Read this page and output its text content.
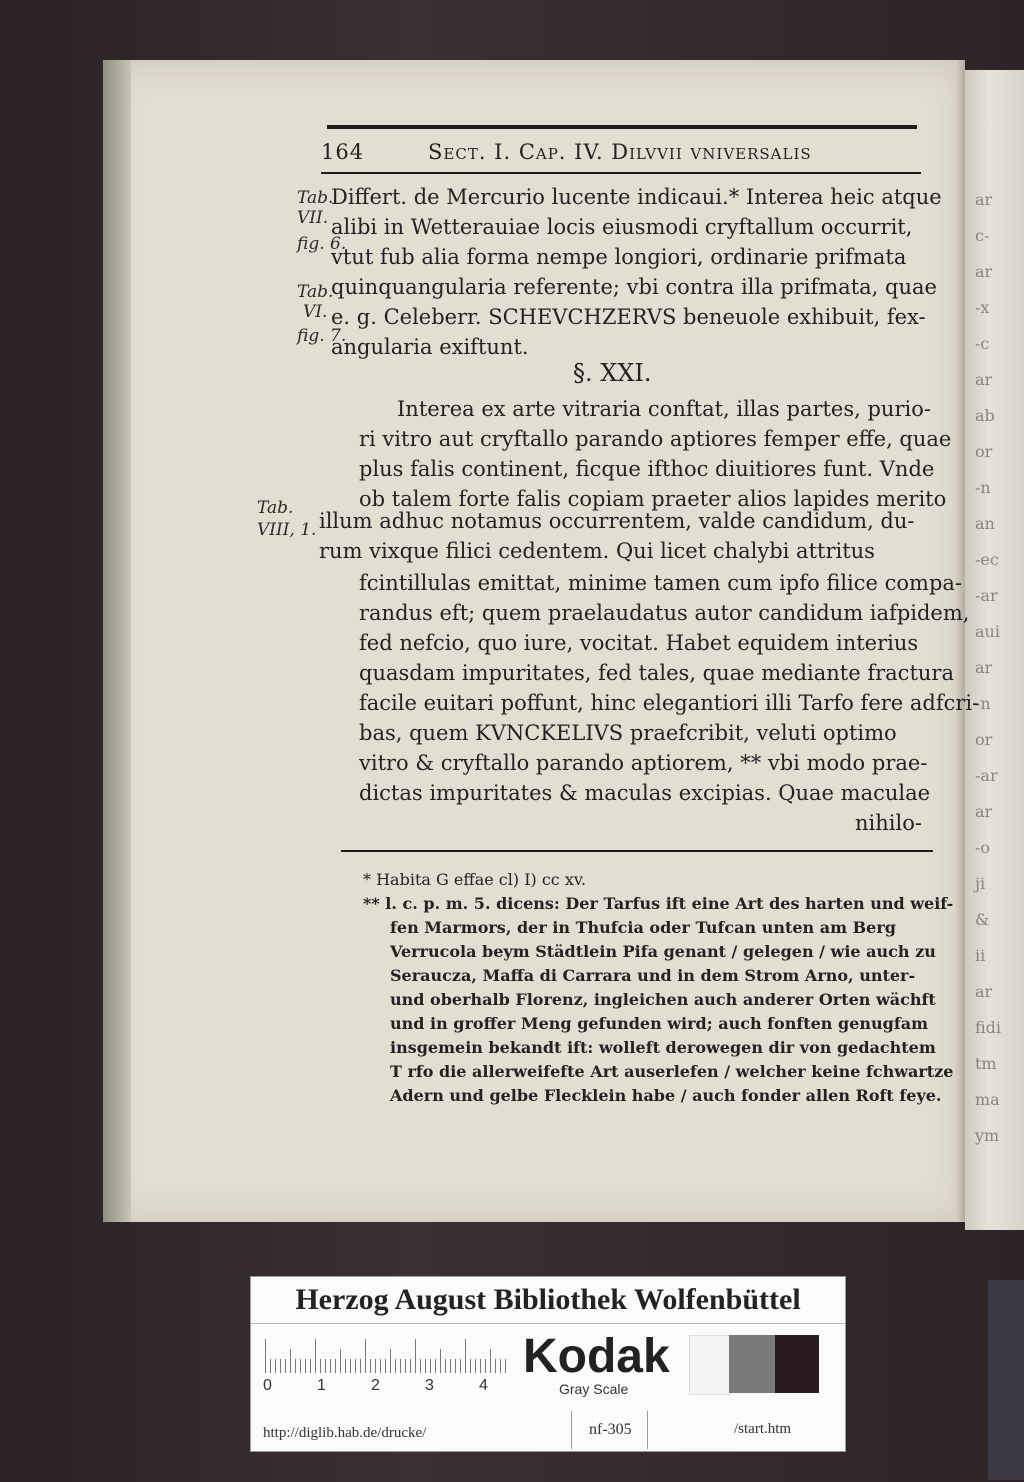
ar
c-
ar
-x
-c
ar
ab
or
-n
an
-ec
-ar
aui
ar
-n
or
-ar
ar
-o
ji
&
ii
ar
fidi
tm
ma
ym
164	Sect. I. Cap. IV. Dilvvii vniversalis
Tab.
VII.
fig. 6.
Tab.
VI.
fig. 7.
Tab.
VIII, 1.
Differt. de Mercurio lucente indicaui.* Interea heic atque
alibi in Wetterauiae locis eiusmodi cryftallum occurrit,
vtut fub alia forma nempe longiori, ordinarie prifmata
quinquangularia referente; vbi contra illa prifmata, quae
e. g. Celeberr. SCHEVCHZERVS beneuole exhibuit, fex-
angularia exiftunt.
§. XXI.
Interea ex arte vitraria conftat, illas partes, purio-
ri vitro aut cryftallo parando aptiores femper effe, quae
plus falis continent, ficque ifthoc diuitiores funt. Vnde
ob talem forte falis copiam praeter alios lapides merito
illum adhuc notamus occurrentem, valde candidum, du-
rum vixque filici cedentem. Qui licet chalybi attritus
fcintillulas emittat, minime tamen cum ipfo filice compa-
randus eft; quem praelaudatus autor candidum iafpidem,
fed nefcio, quo iure, vocitat. Habet equidem interius
quasdam impuritates, fed tales, quae mediante fractura
facile euitari poffunt, hinc elegantiori illi Tarfo fere adfcri-
bas, quem KVNCKELIVS praefcribit, veluti optimo
vitro & cryftallo parando aptiorem, ** vbi modo prae-
dictas impuritates & maculas excipias. Quae maculae
nihilo-
* Habita G effae cl) I) cc xv.
** l. c. p. m. 5. dicens: Der Tarfus ift eine Art des harten und weif-
fen Marmors, der in Thufcia oder Tufcan unten am Berg
Verrucola beym Städtlein Pifa genant / gelegen / wie auch zu
Seraucza, Maffa di Carrara und in dem Strom Arno, unter-
und oberhalb Florenz, ingleichen auch anderer Orten wächft
und in groffer Meng gefunden wird; auch fonften genugfam
insgemein bekandt ift: wolleft derowegen dir von gedachtem
T rfo die allerweifefte Art auserlefen / welcher keine fchwartze
Adern und gelbe Flecklein habe / auch fonder allen Roft feye.
Herzog August Bibliothek Wolfenbüttel
0	1	2	3	4
Kodak
Gray Scale
http://diglib.hab.de/drucke/	nf-305	/start.htm
